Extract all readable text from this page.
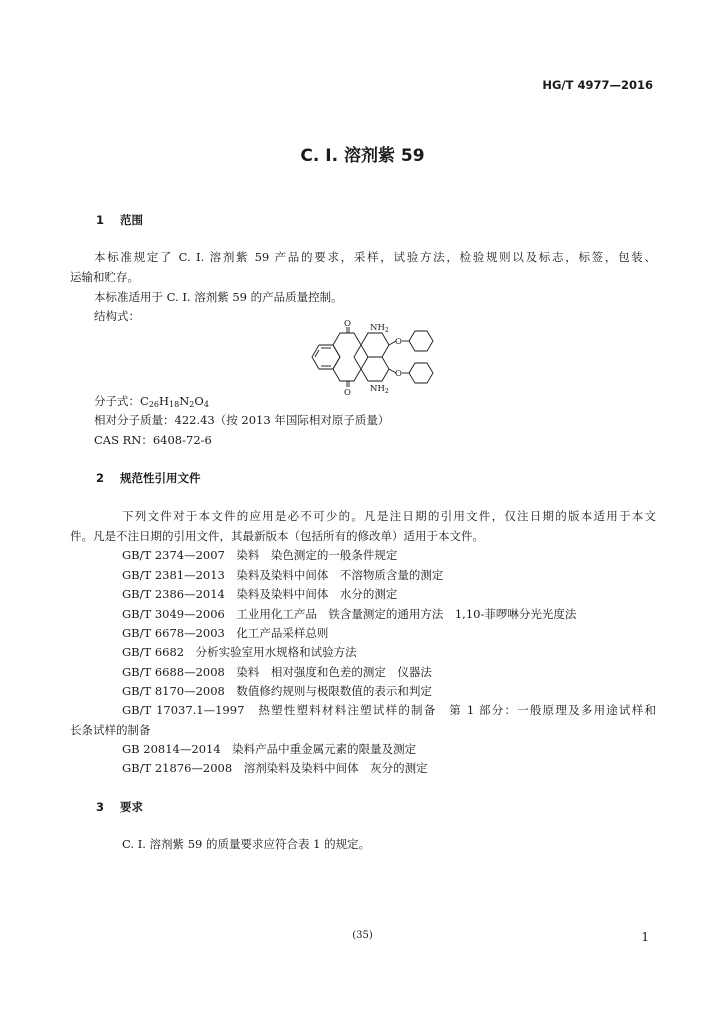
HG/T 4977—2016
C. I. 溶剂紫 59
1 范围
本标准规定了 C. I. 溶剂紫 59 产品的要求，采样，试验方法，检验规则以及标志，标签，包装、
运输和贮存。
本标准适用于 C. I. 溶剂紫 59 的产品质量控制。
结构式：
O
O
$NH_2$
$NH_2$
O
O
分子式：$C_{26}H_{18}N_2O_4$
相对分子质量：422.43（按 2013 年国际相对原子质量）
CAS RN：6408-72-6
2 规范性引用文件
下列文件对于本文件的应用是必不可少的。凡是注日期的引用文件，仅注日期的版本适用于本文
件。凡是不注日期的引用文件，其最新版本（包括所有的修改单）适用于本文件。
GB/T 2374—2007　染料　染色测定的一般条件规定
GB/T 2381—2013　染料及染料中间体　不溶物质含量的测定
GB/T 2386—2014　染料及染料中间体　水分的测定
GB/T 3049—2006　工业用化工产品　铁含量测定的通用方法　1,10-菲啰啉分光光度法
GB/T 6678—2003　化工产品采样总则
GB/T 6682　分析实验室用水规格和试验方法
GB/T 6688—2008　染料　相对强度和色差的测定　仪器法
GB/T 8170—2008　数值修约规则与极限数值的表示和判定
GB/T 17037.1—1997　热塑性塑料材料注塑试样的制备　第 1 部分：一般原理及多用途试样和
长条试样的制备
GB 20814—2014　染料产品中重金属元素的限量及测定
GB/T 21876—2008　溶剂染料及染料中间体　灰分的测定
3 要求
C. I. 溶剂紫 59 的质量要求应符合表 1 的规定。
(35)	1
